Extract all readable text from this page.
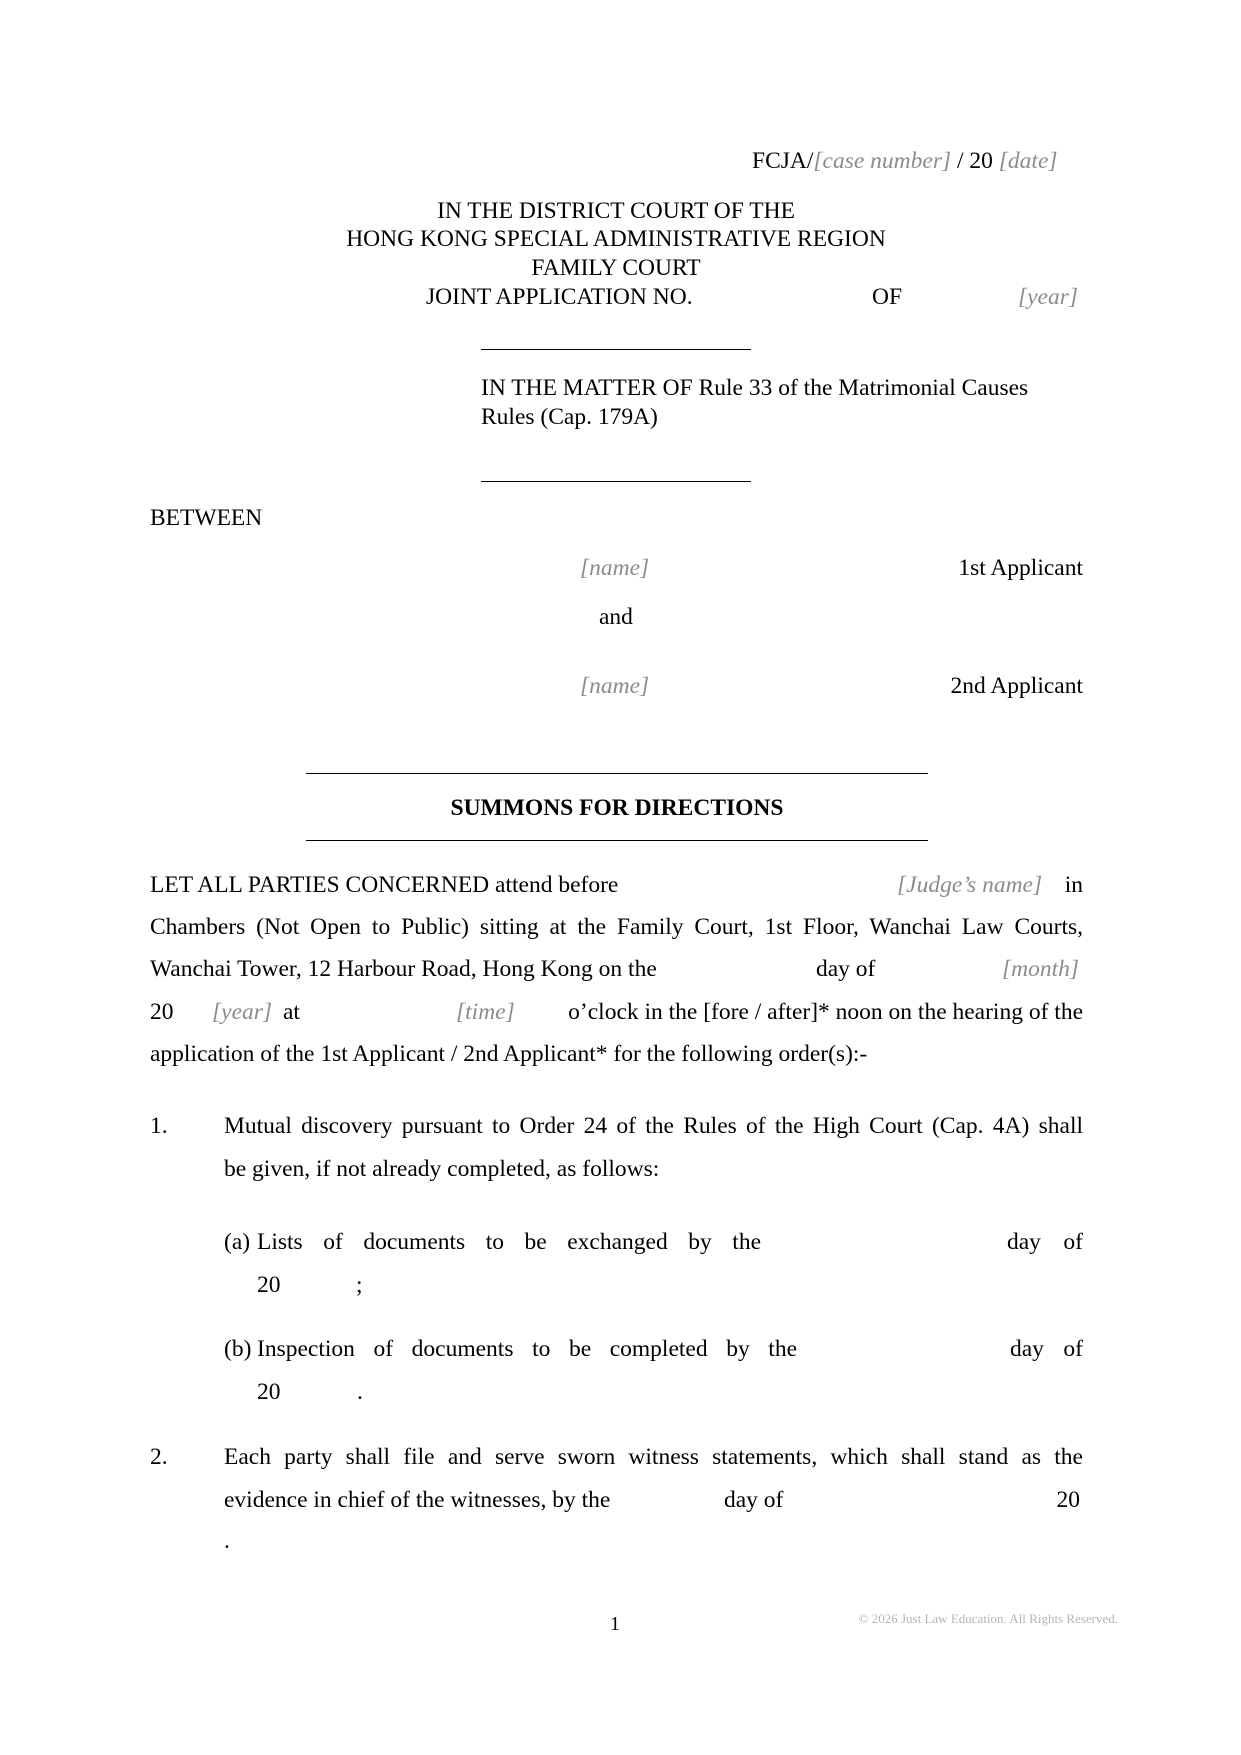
FCJA/[case number] / 20 [date]
IN THE DISTRICT COURT OF THE
HONG KONG SPECIAL ADMINISTRATIVE REGION
FAMILY COURT
JOINT APPLICATION NO.	OF	[year]
IN THE MATTER OF Rule 33 of the Matrimonial Causes
Rules (Cap. 179A)
BETWEEN
[name]	1st Applicant
and
[name]	2nd Applicant
SUMMONS FOR DIRECTIONS
LET ALL PARTIES CONCERNED attend before	[Judge’s name] in
Chambers (Not Open to Public) sitting at the Family Court, 1st Floor, Wanchai Law Courts,
Wanchai Tower, 12 Harbour Road, Hong Kong on the	day of	[month]
20 [year] at	[time] o’clock in the [fore / after]* noon on the hearing of the
application of the 1st Applicant / 2nd Applicant* for the following order(s):-
1. Mutual discovery pursuant to Order 24 of the Rules of the High Court (Cap. 4A) shall
be given, if not already completed, as follows:
(a) Lists of documents to be exchanged by the	day of
20	;
(b) Inspection of documents to be completed by the	day of
20	.
2. Each party shall file and serve sworn witness statements, which shall stand as the
evidence in chief of the witnesses, by the	day of	20
.
1	© 2026 Just Law Education. All Rights Reserved.
